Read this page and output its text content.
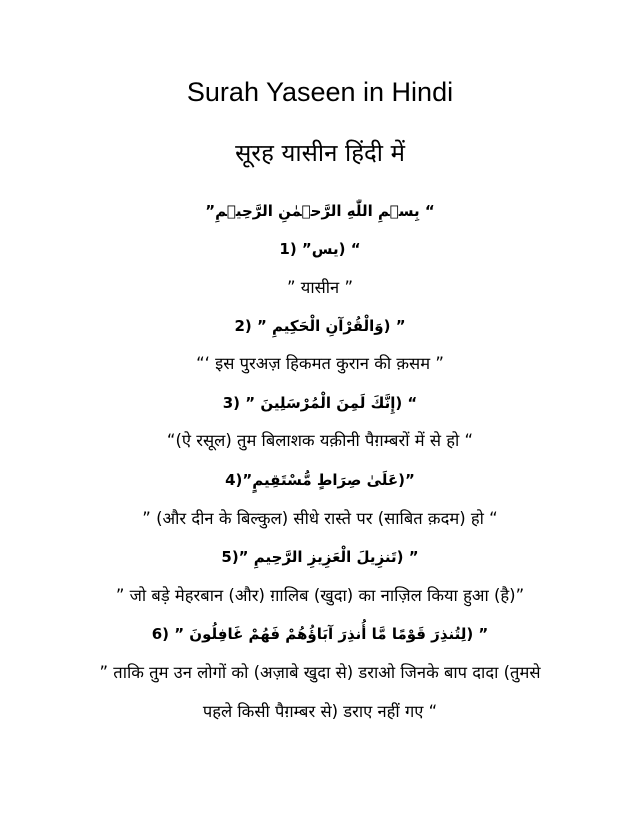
Surah Yaseen in Hindi
सूरह यासीन हिंदी में
“ بِسۡمِ اللّٰهِ الرَّحۡمٰنِ الرَّحِيۡمِ”
“ (يس” (1
” यासीन ”
” (وَالْقُرْآنِ الْحَكِيمِ ” (2
“‘ इस पुरअज़ हिकमत कुरान की क़सम ”
“ (إِنَّكَ لَمِنَ الْمُرْسَلِينَ ” (3
“(ऐ रसूल) तुम बिलाशक यक़ीनी पैग़म्बरों में से हो “
”(عَلَىٰ صِرَاطٍ مُّسْتَقِيمٍ”(4
” (और दीन के बिल्कुल) सीधे रास्ते पर (साबित क़दम) हो “
” (تَنزِيلَ الْعَزِيزِ الرَّحِيمِ ”(5
” जो बड़े मेहरबान (और) ग़ालिब (खुदा) का नाज़िल किया हुआ (है)”
” (لِتُنذِرَ قَوْمًا مَّا أُنذِرَ آبَاؤُهُمْ فَهُمْ غَافِلُونَ ” (6
” ताकि तुम उन लोगों को (अज़ाबे खुदा से) डराओ जिनके बाप दादा (तुमसे
पहले किसी पैग़म्बर से) डराए नहीं गए “
